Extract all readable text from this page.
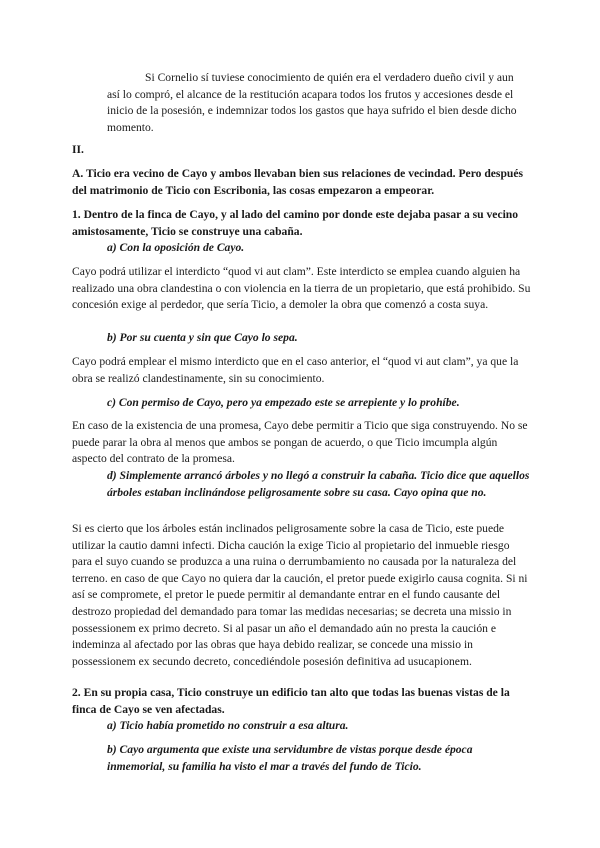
Si Cornelio sí tuviese conocimiento de quién era el verdadero dueño civil y aun así lo compró, el alcance de la restitución acapara todos los frutos y accesiones desde el inicio de la posesión, e indemnizar todos los gastos que haya sufrido el bien desde dicho momento.

II.

A. Ticio era vecino de Cayo y ambos llevaban bien sus relaciones de vecindad. Pero después del matrimonio de Ticio con Escribonia, las cosas empezaron a empeorar.

1. Dentro de la finca de Cayo, y al lado del camino por donde este dejaba pasar a su vecino amistosamente, Ticio se construye una cabaña.

a) Con la oposición de Cayo.

Cayo podrá utilizar el interdicto “quod vi aut clam”. Este interdicto se emplea cuando alguien ha realizado una obra clandestina o con violencia en la tierra de un propietario, que está prohibido. Su concesión exige al perdedor, que sería Ticio, a demoler la obra que comenzó a costa suya.

b) Por su cuenta y sin que Cayo lo sepa.

Cayo podrá emplear el mismo interdicto que en el caso anterior, el “quod vi aut clam”, ya que la obra se realizó clandestinamente, sin su conocimiento.

c) Con permiso de Cayo, pero ya empezado este se arrepiente y lo prohíbe.

En caso de la existencia de una promesa, Cayo debe permitir a Ticio que siga construyendo. No se puede parar la obra al menos que ambos se pongan de acuerdo, o que Ticio imcumpla algún aspecto del contrato de la promesa.

d) Simplemente arrancó árboles y no llegó a construir la cabaña. Ticio dice que aquellos árboles estaban inclinándose peligrosamente sobre su casa. Cayo opina que no.

Si es cierto que los árboles están inclinados peligrosamente sobre la casa de Ticio, este puede utilizar la cautio damni infecti. Dicha caución la exige Ticio al propietario del inmueble riesgo para el suyo cuando se produzca a una ruina o derrumbamiento no causada por la naturaleza del terreno. en caso de que Cayo no quiera dar la caución, el pretor puede exigirlo causa cognita. Si ni así se compromete, el pretor le puede permitir al demandante entrar en el fundo causante del destrozo propiedad del demandado para tomar las medidas necesarias; se decreta una missio in possessionem ex primo decreto. Si al pasar un año el demandado aún no presta la caución e indeminza al afectado por las obras que haya debido realizar, se concede una missio in possessionem ex secundo decreto, concediéndole posesión definitiva ad usucapionem.

2. En su propia casa, Ticio construye un edificio tan alto que todas las buenas vistas de la finca de Cayo se ven afectadas.

a) Ticio había prometido no construir a esa altura.

b) Cayo argumenta que existe una servidumbre de vistas porque desde época inmemorial, su familia ha visto el mar a través del fundo de Ticio.
